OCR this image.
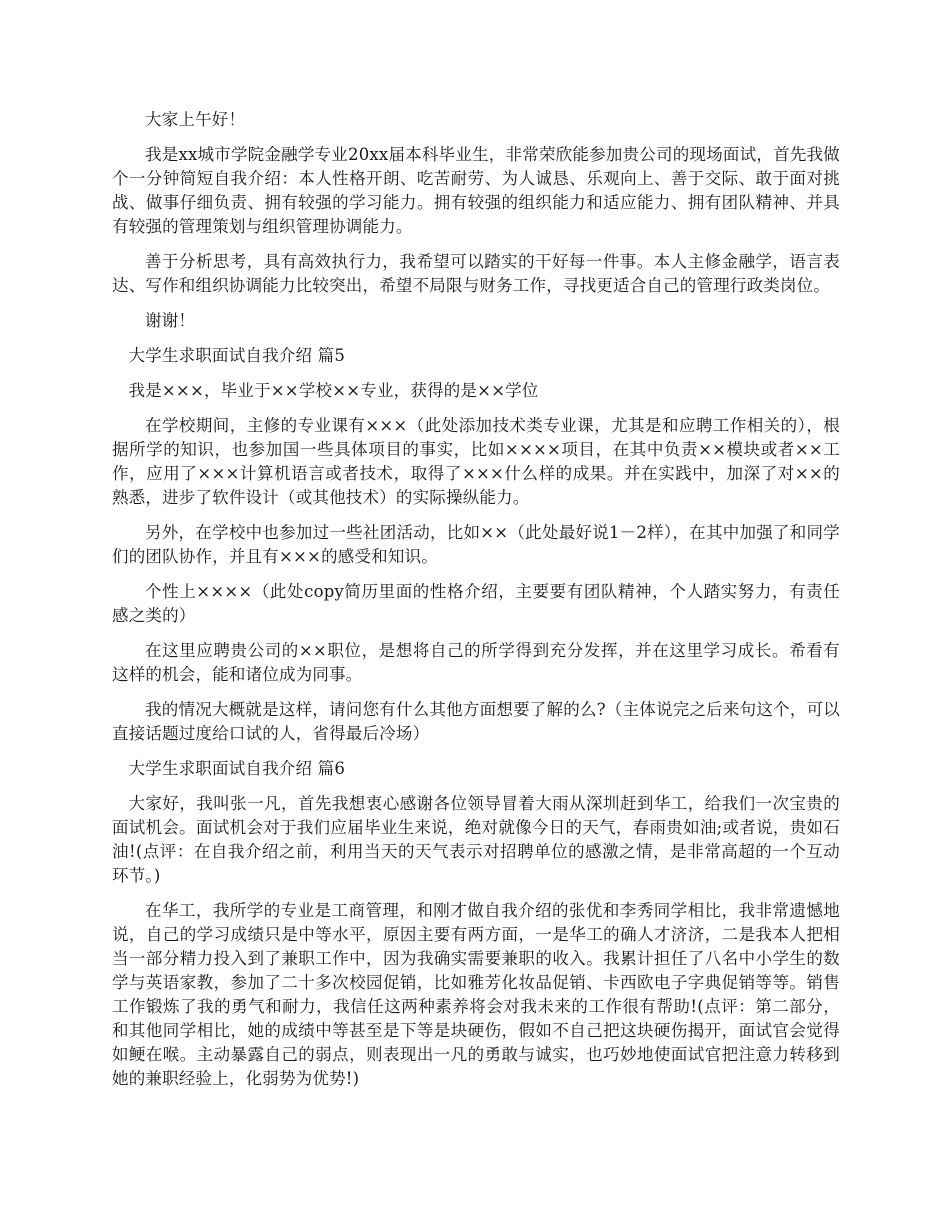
大家上午好！

我是xx城市学院金融学专业20xx届本科毕业生，非常荣欣能参加贵公司的现场面试，首先我做个一分钟简短自我介绍：本人性格开朗、吃苦耐劳、为人诚恳、乐观向上、善于交际、敢于面对挑战、做事仔细负责、拥有较强的学习能力。拥有较强的组织能力和适应能力、拥有团队精神、并具有较强的管理策划与组织管理协调能力。

善于分析思考，具有高效执行力，我希望可以踏实的干好每一件事。本人主修金融学，语言表达、写作和组织协调能力比较突出，希望不局限与财务工作，寻找更适合自己的管理行政类岗位。

谢谢！

大学生求职面试自我介绍 篇5

我是×××，毕业于××学校××专业，获得的是××学位

在学校期间，主修的专业课有×××（此处添加技术类专业课，尤其是和应聘工作相关的），根据所学的知识，也参加国一些具体项目的事实，比如××××项目，在其中负责××模块或者××工作，应用了×××计算机语言或者技术，取得了×××什么样的成果。并在实践中，加深了对××的熟悉，进步了软件设计（或其他技术）的实际操纵能力。

另外，在学校中也参加过一些社团活动，比如××（此处最好说1－2样），在其中加强了和同学们的团队协作，并且有×××的感受和知识。

个性上××××（此处copy简历里面的性格介绍，主要要有团队精神，个人踏实努力，有责任感之类的）

在这里应聘贵公司的××职位，是想将自己的所学得到充分发挥，并在这里学习成长。希看有这样的机会，能和诸位成为同事。

我的情况大概就是这样，请问您有什么其他方面想要了解的么?（主体说完之后来句这个，可以直接话题过度给口试的人，省得最后冷场）

大学生求职面试自我介绍 篇6

大家好，我叫张一凡，首先我想衷心感谢各位领导冒着大雨从深圳赶到华工，给我们一次宝贵的面试机会。面试机会对于我们应届毕业生来说，绝对就像今日的天气，春雨贵如油;或者说，贵如石油!(点评：在自我介绍之前，利用当天的天气表示对招聘单位的感激之情，是非常高超的一个互动环节。)

在华工，我所学的专业是工商管理，和刚才做自我介绍的张优和李秀同学相比，我非常遗憾地说，自己的学习成绩只是中等水平，原因主要有两方面，一是华工的确人才济济，二是我本人把相当一部分精力投入到了兼职工作中，因为我确实需要兼职的收入。我累计担任了八名中小学生的数学与英语家教，参加了二十多次校园促销，比如雅芳化妆品促销、卡西欧电子字典促销等等。销售工作锻炼了我的勇气和耐力，我信任这两种素养将会对我未来的工作很有帮助!(点评：第二部分，和其他同学相比，她的成绩中等甚至是下等是块硬伤，假如不自己把这块硬伤揭开，面试官会觉得如鲠在喉。主动暴露自己的弱点，则表现出一凡的勇敢与诚实，也巧妙地使面试官把注意力转移到她的兼职经验上，化弱势为优势!)
